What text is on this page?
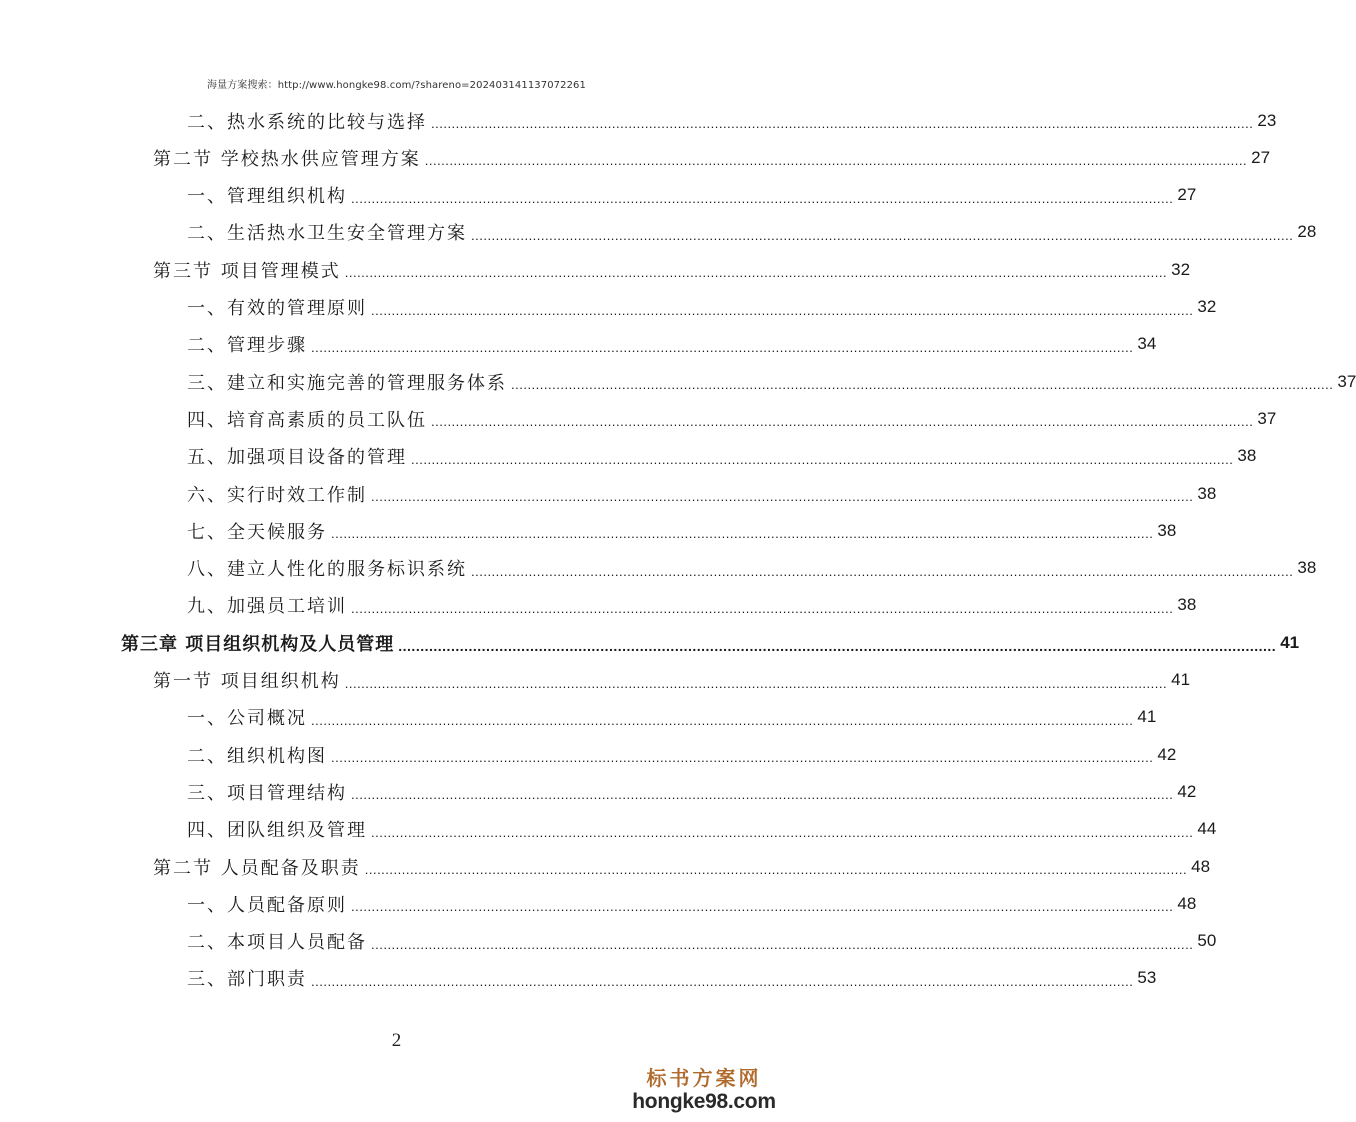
海量方案搜索：http://www.hongke98.com/?shareno=202403141137072261
二、热水系统的比较与选择 ........................................................................................................................................................................................................ 23
第二节 学校热水供应管理方案 ........................................................................................................................................................................................................ 27
一、管理组织机构 ........................................................................................................................................................................................................ 27
二、生活热水卫生安全管理方案 ........................................................................................................................................................................................................ 28
第三节 项目管理模式 ........................................................................................................................................................................................................ 32
一、有效的管理原则 ........................................................................................................................................................................................................ 32
二、管理步骤 ........................................................................................................................................................................................................ 34
三、建立和实施完善的管理服务体系 ........................................................................................................................................................................................................ 37
四、培育高素质的员工队伍 ........................................................................................................................................................................................................ 37
五、加强项目设备的管理 ........................................................................................................................................................................................................ 38
六、实行时效工作制 ........................................................................................................................................................................................................ 38
七、全天候服务 ........................................................................................................................................................................................................ 38
八、建立人性化的服务标识系统 ........................................................................................................................................................................................................ 38
九、加强员工培训 ........................................................................................................................................................................................................ 38
第三章 项目组织机构及人员管理 ........................................................................................................................................................................................................ 41
第一节 项目组织机构 ........................................................................................................................................................................................................ 41
一、公司概况 ........................................................................................................................................................................................................ 41
二、组织机构图 ........................................................................................................................................................................................................ 42
三、项目管理结构 ........................................................................................................................................................................................................ 42
四、团队组织及管理 ........................................................................................................................................................................................................ 44
第二节 人员配备及职责 ........................................................................................................................................................................................................ 48
一、人员配备原则 ........................................................................................................................................................................................................ 48
二、本项目人员配备 ........................................................................................................................................................................................................ 50
三、部门职责 ........................................................................................................................................................................................................ 53
2
标书方案网
hongke98.com
